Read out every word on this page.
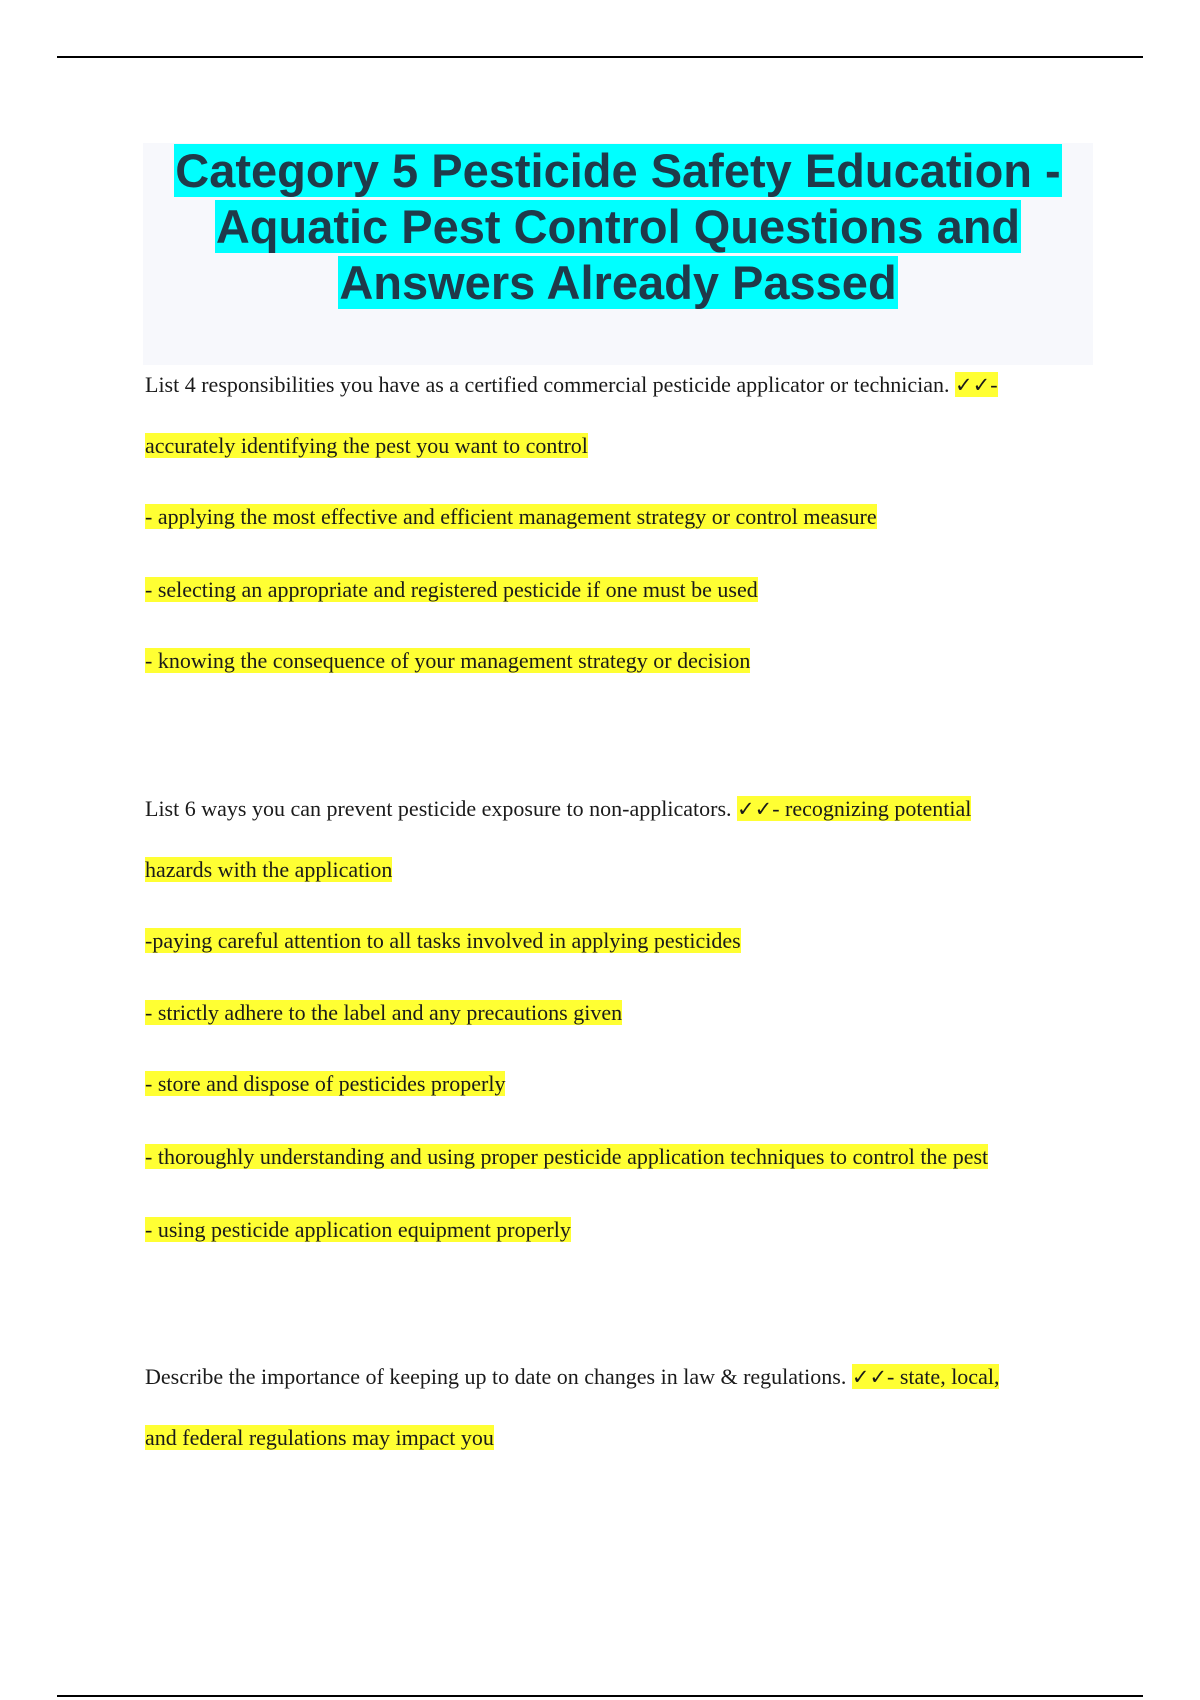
Category 5 Pesticide Safety Education -
Aquatic Pest Control Questions and
Answers Already Passed

List 4 responsibilities you have as a certified commercial pesticide applicator or technician. ✓✓-

accurately identifying the pest you want to control

- applying the most effective and efficient management strategy or control measure

- selecting an appropriate and registered pesticide if one must be used

- knowing the consequence of your management strategy or decision

List 6 ways you can prevent pesticide exposure to non-applicators. ✓✓- recognizing potential

hazards with the application

-paying careful attention to all tasks involved in applying pesticides

- strictly adhere to the label and any precautions given

- store and dispose of pesticides properly

- thoroughly understanding and using proper pesticide application techniques to control the pest

- using pesticide application equipment properly

Describe the importance of keeping up to date on changes in law & regulations. ✓✓- state, local,

and federal regulations may impact you
